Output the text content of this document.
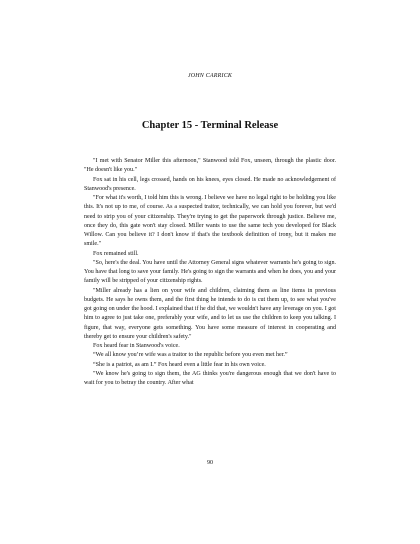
JOHN CARRICK
Chapter 15 - Terminal Release

"I met with Senator Miller this afternoon," Stanwood told Fox, unseen, through the plastic door. "He doesn't like you."

Fox sat in his cell, legs crossed, hands on his knees, eyes closed. He made no acknowledgement of Stanwood's presence.

"For what it's worth, I told him this is wrong. I believe we have no legal right to be holding you like this. It's not up to me, of course. As a suspected traitor, technically, we can hold you forever, but we'd need to strip you of your citizenship. They're trying to get the paperwork through justice. Believe me, once they do, this gate won't stay closed. Miller wants to use the same tech you developed for Black Willow. Can you believe it? I don't know if that's the textbook definition of irony, but it makes me smile."

Fox remained still.

"So, here's the deal. You have until the Attorney General signs whatever warrants he's going to sign. You have that long to save your family. He's going to sign the warrants and when he does, you and your family will be stripped of your citizenship rights.

"Miller already has a lien on your wife and children, claiming them as line items in previous budgets. He says he owns them, and the first thing he intends to do is cut them up, to see what you've got going on under the hood. I explained that if he did that, we wouldn't have any leverage on you. I got him to agree to just take one, preferably your wife, and to let us use the children to keep you talking. I figure, that way, everyone gets something. You have some measure of interest in cooperating and thereby get to ensure your children's safety."

Fox heard fear in Stanwood's voice.

“We all know you’re wife was a traitor to the republic before you even met her.”

“She is a patriot, as am I.” Fox heard even a little fear in his own voice.

"We know he's going to sign them, the AG thinks you're dangerous enough that we don't have to wait for you to betray the country. After what

90
